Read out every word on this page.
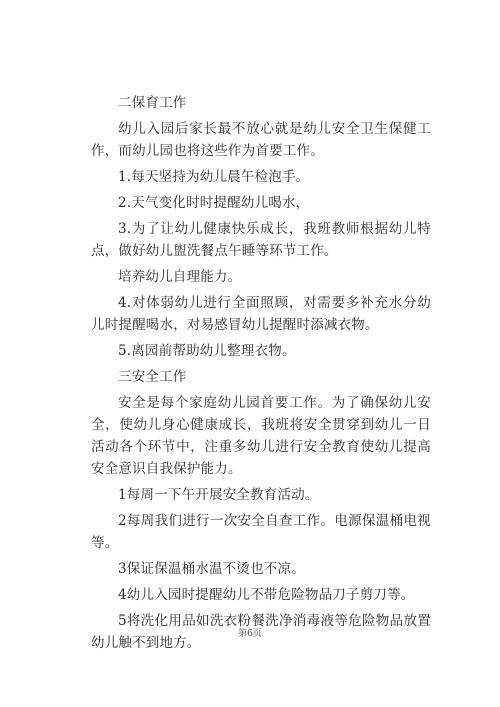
二保育工作

幼儿入园后家长最不放心就是幼儿安全卫生保健工作，而幼儿园也将这些作为首要工作。

1.每天坚持为幼儿晨午检泡手。

2.天气变化时时提醒幼儿喝水，

3.为了让幼儿健康快乐成长，我班教师根据幼儿特点，做好幼儿盥洗餐点午睡等环节工作。

培养幼儿自理能力。

4.对体弱幼儿进行全面照顾，对需要多补充水分幼儿时提醒喝水，对易感冒幼儿提醒时添减衣物。

5.离园前帮助幼儿整理衣物。

三安全工作

安全是每个家庭幼儿园首要工作。为了确保幼儿安全，使幼儿身心健康成长，我班将安全贯穿到幼儿一日活动各个环节中，注重多幼儿进行安全教育使幼儿提高安全意识自我保护能力。

1每周一下午开展安全教育活动。

2每周我们进行一次安全自查工作。电源保温桶电视等。

3保证保温桶水温不烫也不凉。

4幼儿入园时提醒幼儿不带危险物品刀子剪刀等。

5将洗化用品如洗衣粉餐洗净消毒液等危险物品放置幼儿触不到地方。

第6页
